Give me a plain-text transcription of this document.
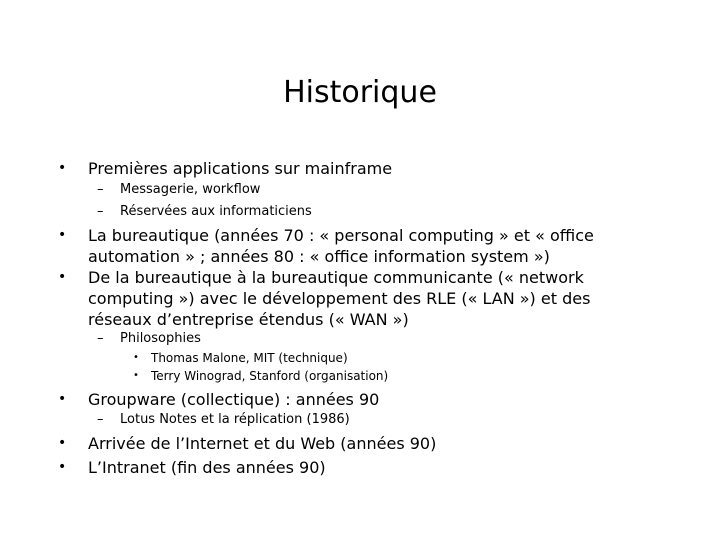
Historique
• Premières applications sur mainframe
– Messagerie, workflow
– Réservées aux informaticiens
• La bureautique (années 70 : « personal computing » et « office automation » ; années 80 : « office information system »)
• De la bureautique à la bureautique communicante (« network computing ») avec le développement des RLE (« LAN ») et des réseaux d’entreprise étendus (« WAN »)
– Philosophies
• Thomas Malone, MIT (technique)
• Terry Winograd, Stanford (organisation)
• Groupware (collectique) : années 90
– Lotus Notes et la réplication (1986)
• Arrivée de l’Internet et du Web (années 90)
• L’Intranet (fin des années 90)
